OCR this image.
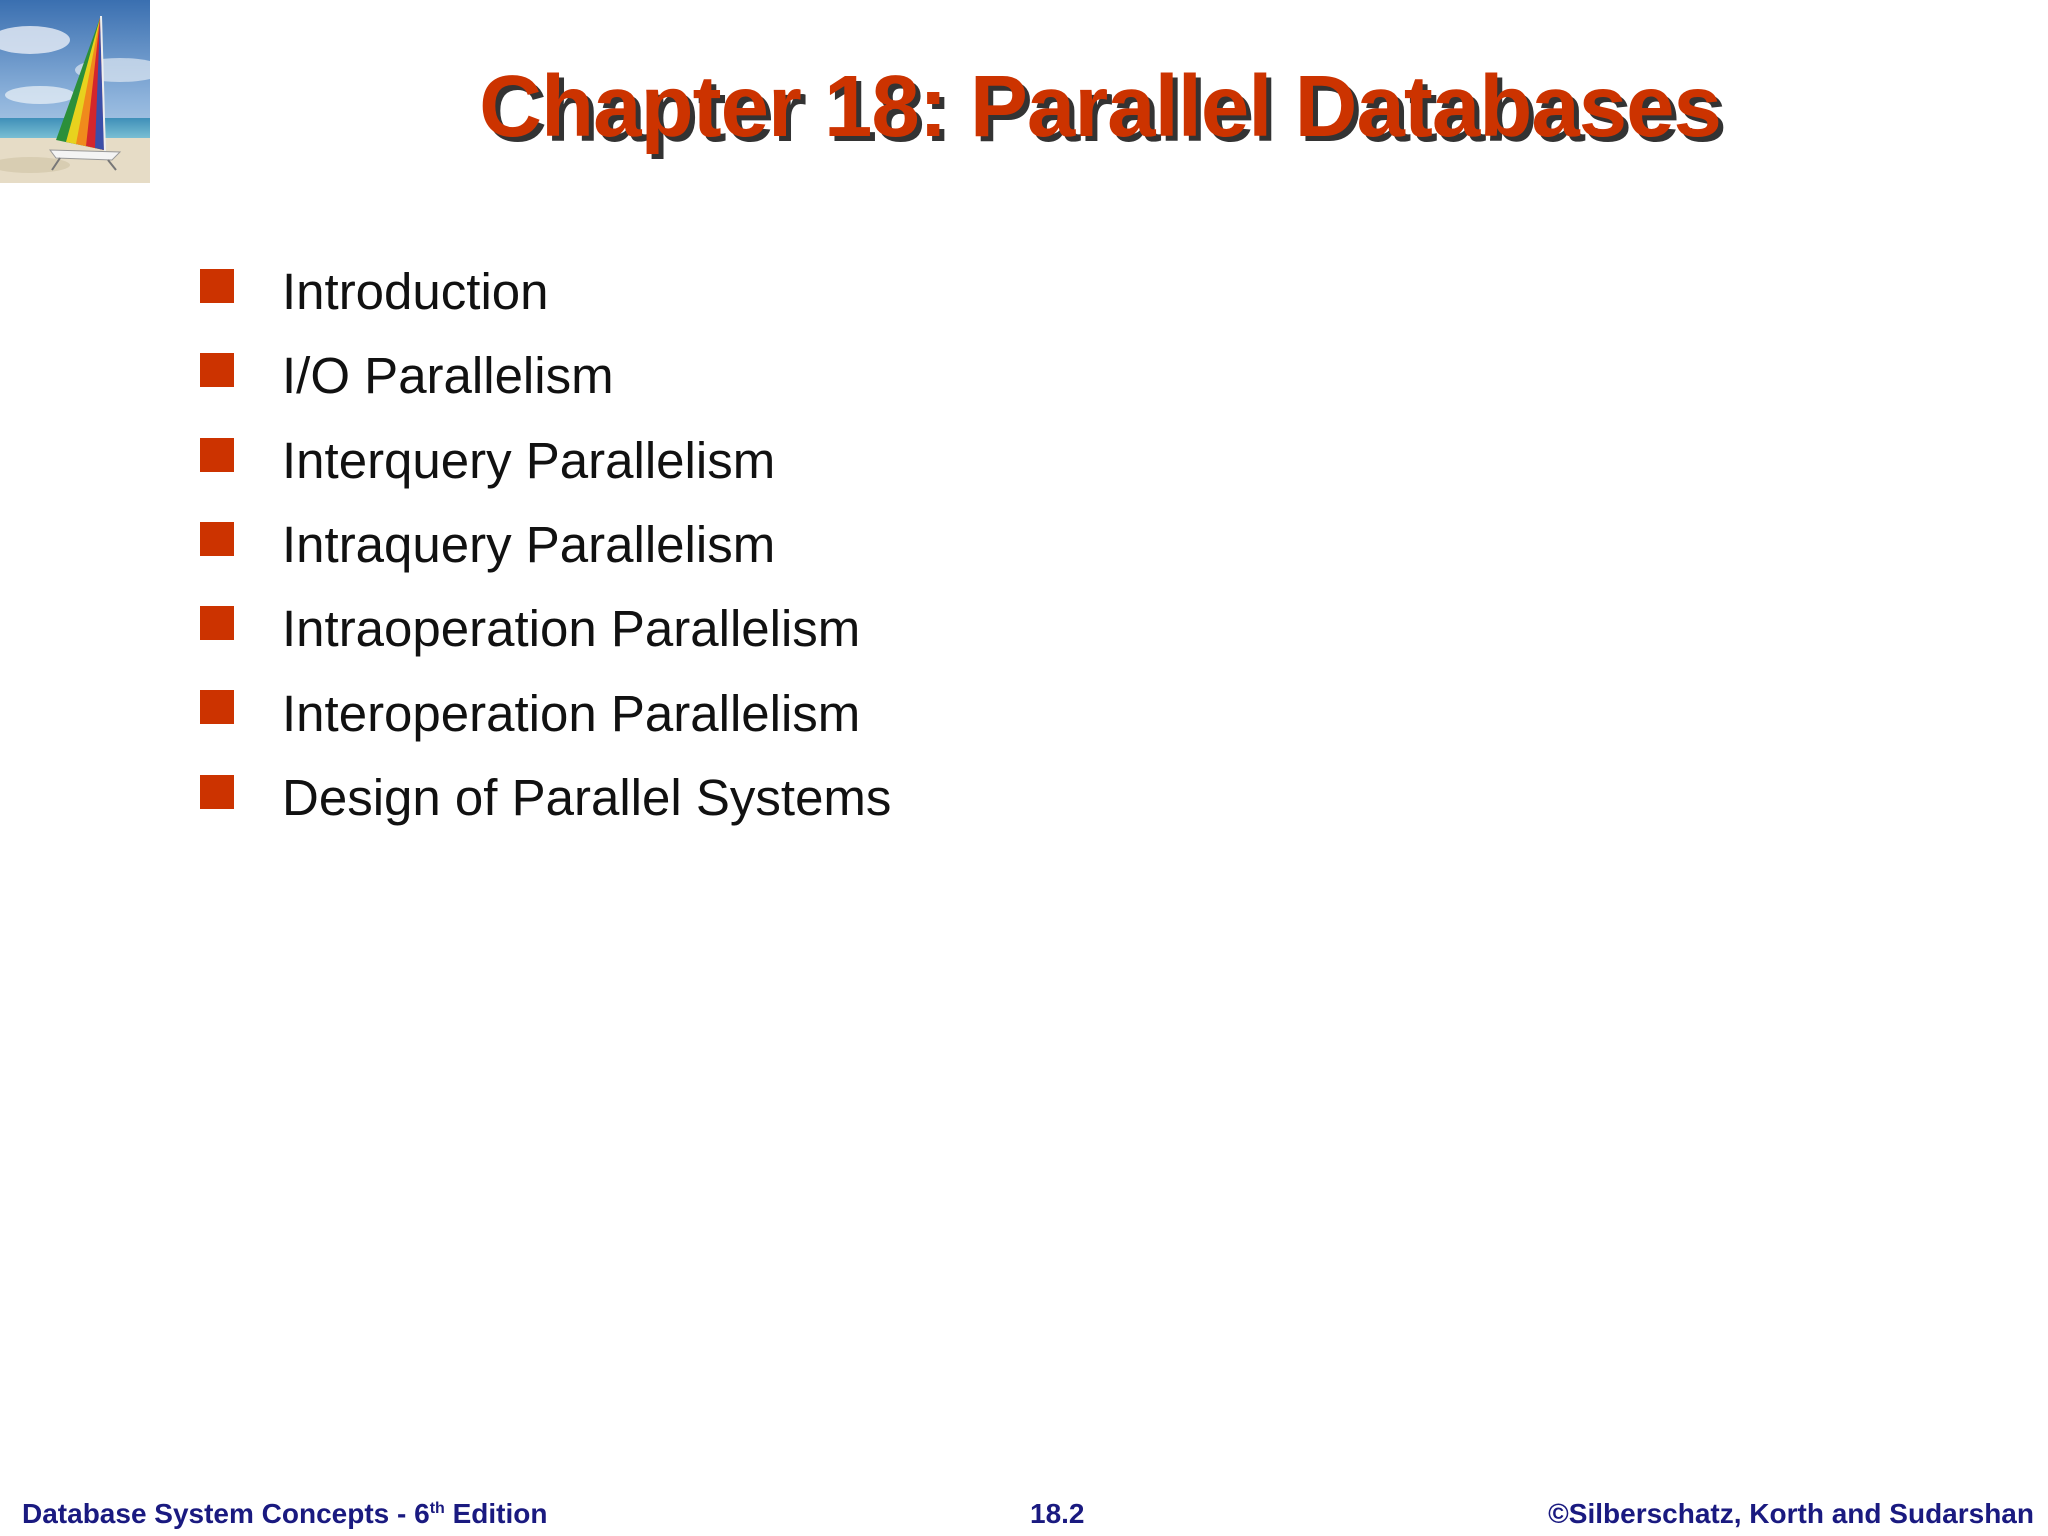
Chapter 18: Parallel Databases
Introduction
I/O Parallelism
Interquery Parallelism
Intraquery Parallelism
Intraoperation Parallelism
Interoperation Parallelism
Design of Parallel Systems
Database System Concepts - 6th Edition	18.2	©Silberschatz, Korth and Sudarshan
